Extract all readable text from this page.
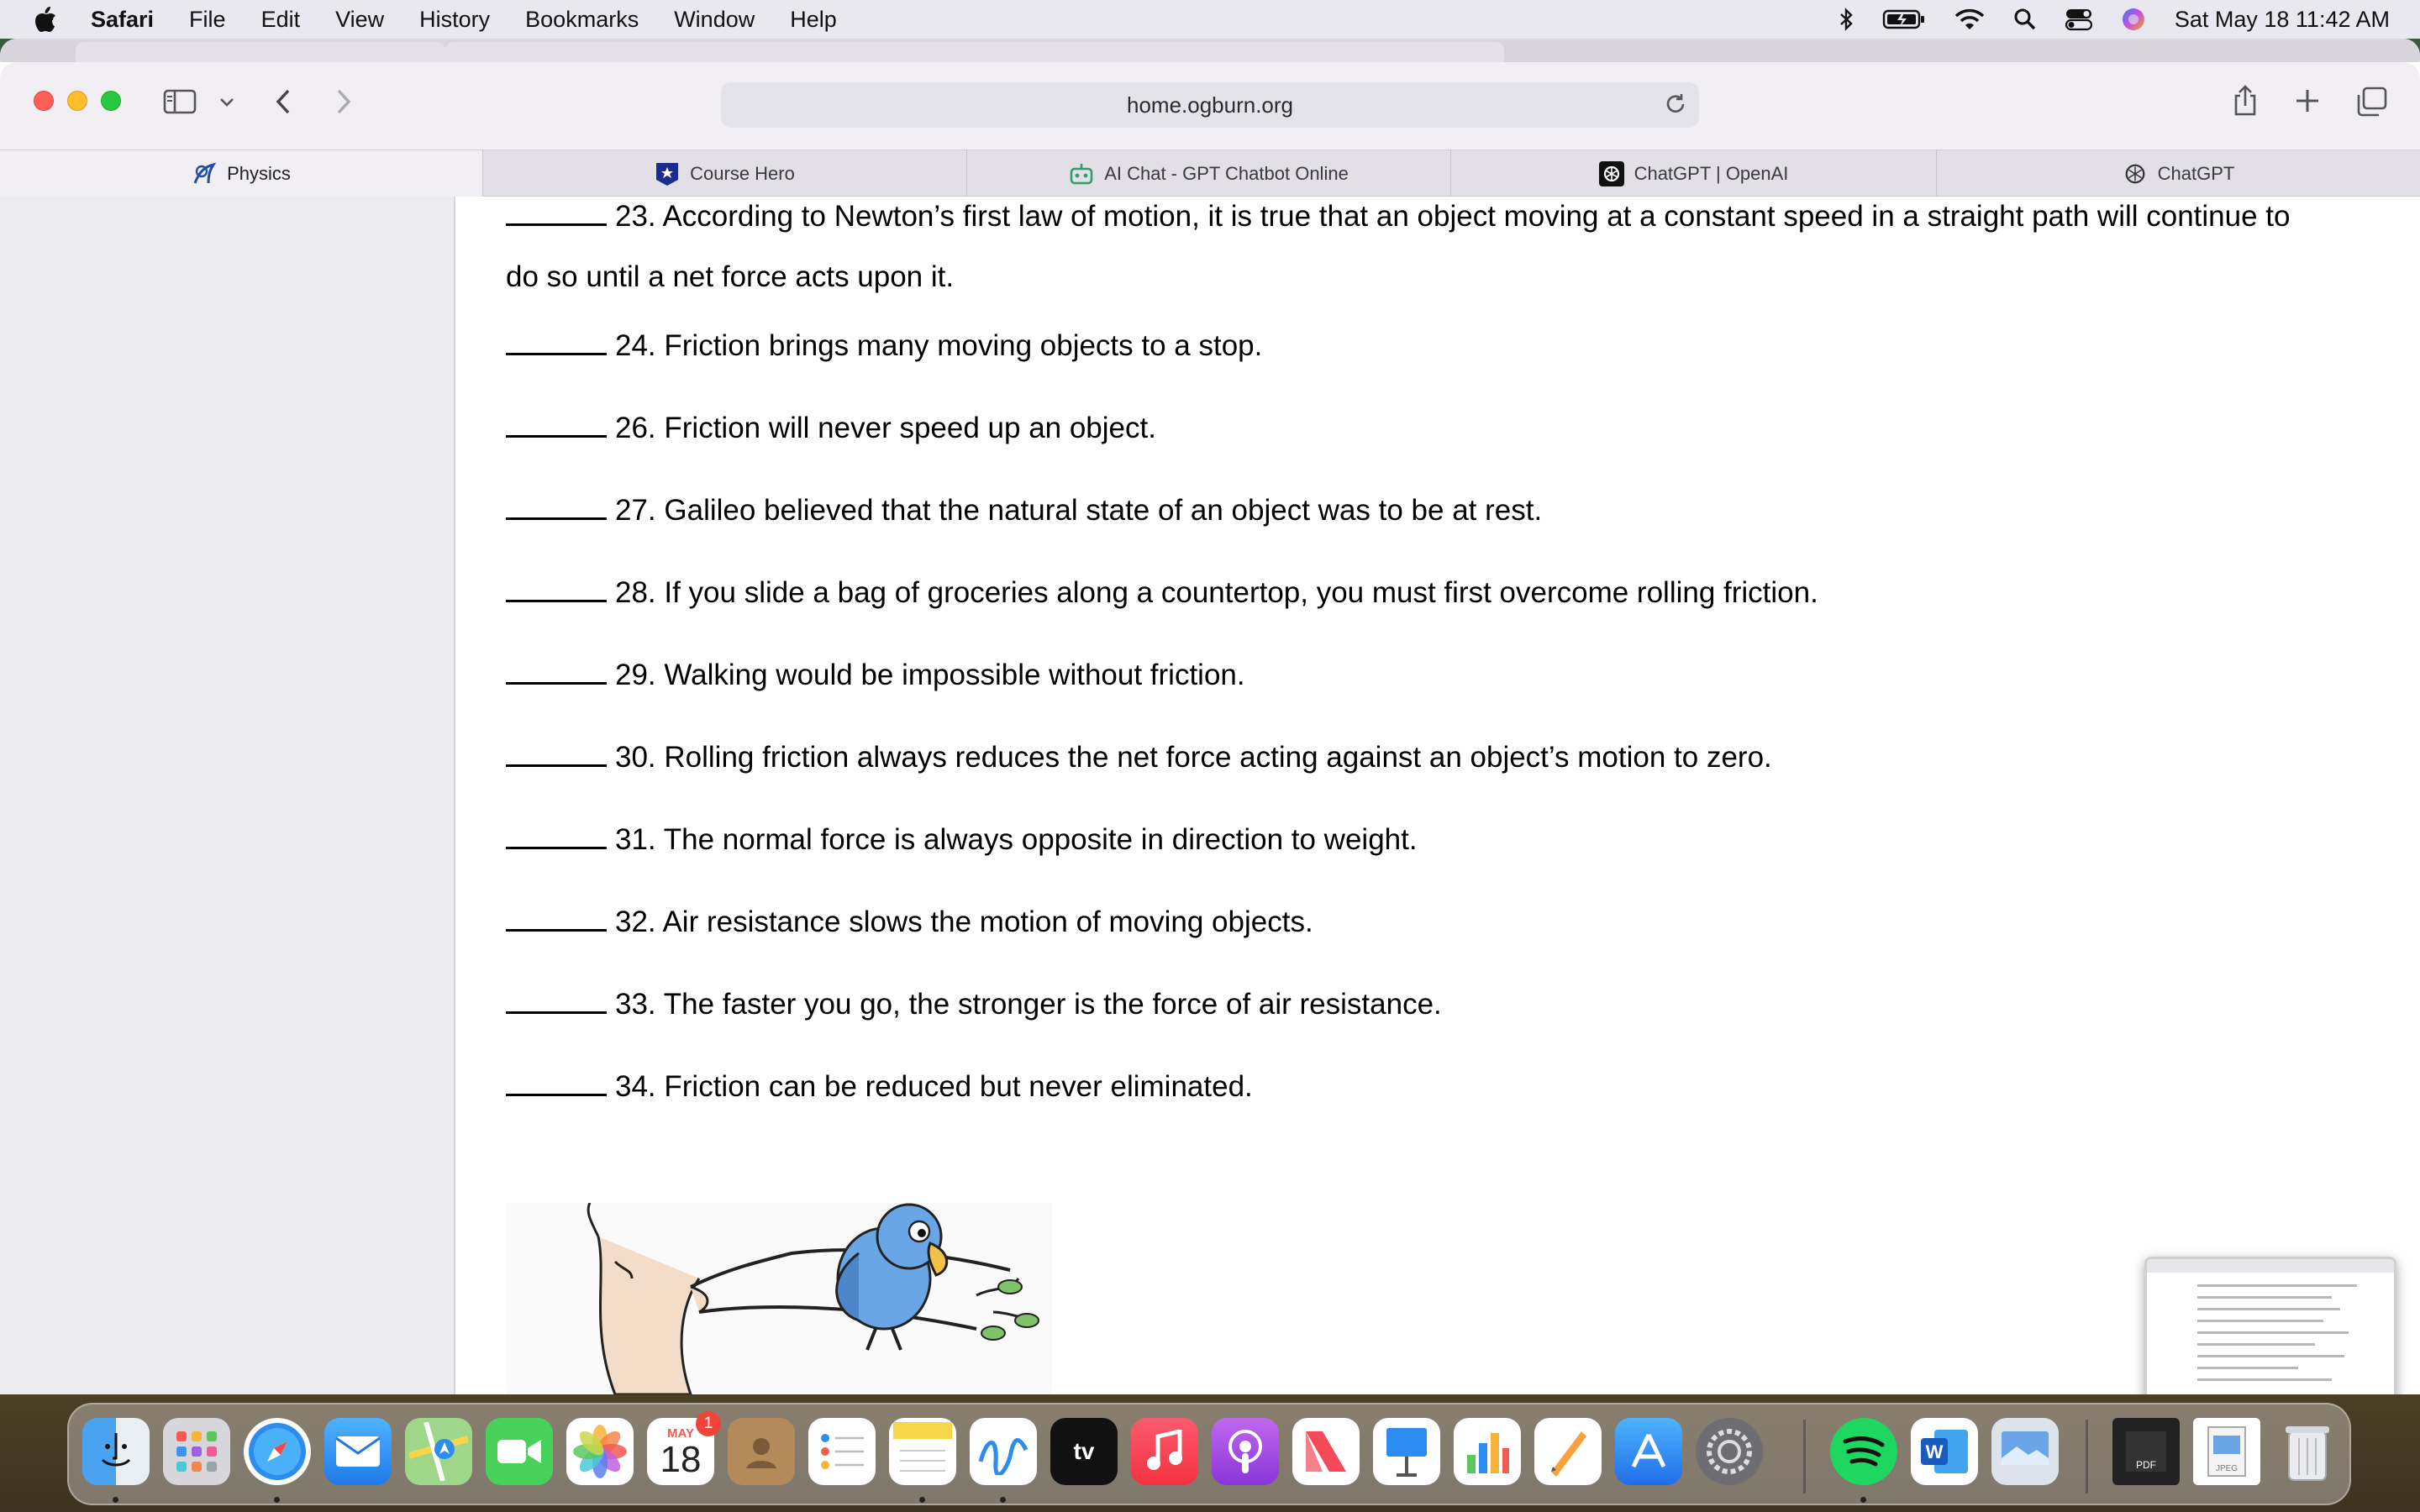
Safari File Edit View History Bookmarks Window Help	Sat May 18 11:42 AM
home.ogburn.org
Physics	Course Hero	AI Chat - GPT Chatbot Online	ChatGPT | OpenAI	ChatGPT
23. According to Newton’s first law of motion, it is true that an object moving at a constant speed in a straight path will continue to
do so until a net force acts upon it.
24. Friction brings many moving objects to a stop.
26. Friction will never speed up an object.
27. Galileo believed that the natural state of an object was to be at rest.
28. If you slide a bag of groceries along a countertop, you must first overcome rolling friction.
29. Walking would be impossible without friction.
30. Rolling friction always reduces the net force acting against an object’s motion to zero.
31. The normal force is always opposite in direction to weight.
32. Air resistance slows the motion of moving objects.
33. The faster you go, the stronger is the force of air resistance.
34. Friction can be reduced but never eliminated.
MAY
18
1
tv	W
PDF	JPEG
